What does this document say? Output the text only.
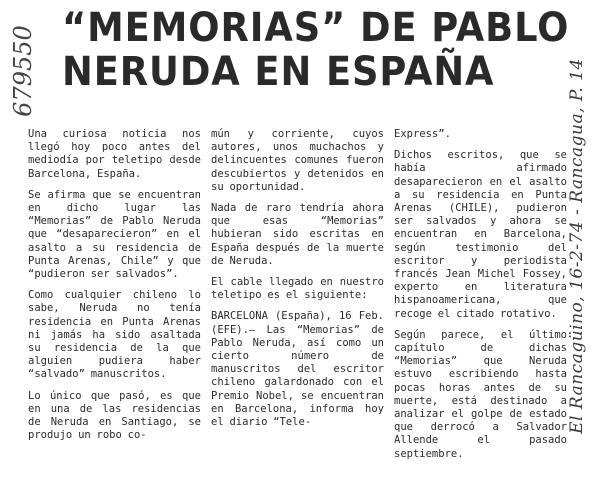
679550 “MEMORIAS” DE PABLO
NERUDA EN ESPAÑA

Una curiosa noticia nos llegó hoy poco antes del mediodía por teletipo desde Barcelona, España.

Se afirma que se encuentran en dicho lugar las “Memorias” de Pablo Neruda que “desaparecieron” en el asalto a su residencia de Punta Arenas, Chile” y que “pudieron ser salvados”.

Como cualquier chileno lo sabe, Neruda no tenía residencia en Punta Arenas ni jamás ha sido asaltada su residencia de la que alguien pudiera haber “salvado” manuscritos.

Lo único que pasó, es que en una de las residencias de Neruda en Santiago, se produjo un robo co-

mún y corriente, cuyos autores, unos muchachos y delincuentes comunes fueron descubiertos y detenidos en su oportunidad.

Nada de raro tendría ahora que esas “Memorias” hubieran sido escritas en España después de la muerte de Neruda.

El cable llegado en nuestro teletipo es el siguiente:

BARCELONA (España), 16 Feb. (EFE).— Las “Memorias” de Pablo Neruda, así como un cierto número de manuscritos del escritor chileno galardonado con el Premio Nobel, se encuentran en Barcelona, informa hoy el diario “Tele-

Express”.

Dichos escritos, que se había afirmado desaparecieron en el asalto a su residencia en Punta Arenas (CHILE), pudieron ser salvados y ahora se encuentran en Barcelona, según testimonio del escritor y periodista francés Jean Michel Fossey, experto en literatura hispanoamericana, que recoge el citado rotativo.

Según parece, el último capítulo de dichas “Memorias” que Neruda estuvo escribiendo hasta pocas horas antes de su muerte, está destinado a analizar el golpe de estado que derrocó a Salvador Allende el pasado septiembre.

El Rancagüino, 16-2-74 - Rancagua, P. 14
